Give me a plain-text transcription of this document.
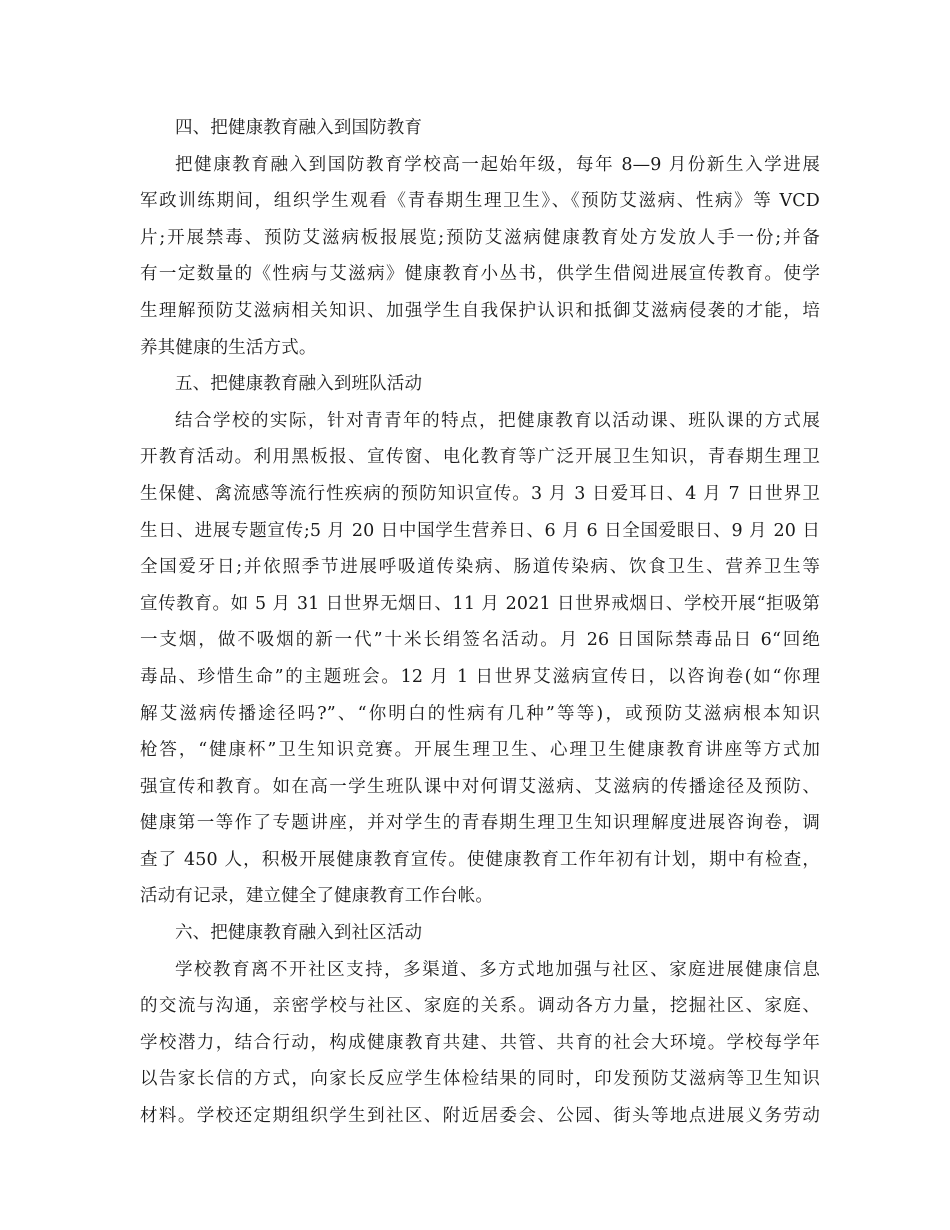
四、把健康教育融入到国防教育
把健康教育融入到国防教育学校高一起始年级，每年 8—9 月份新生入学进展
军政训练期间，组织学生观看《青春期生理卫生》、《预防艾滋病、性病》等 VCD
片;开展禁毒、预防艾滋病板报展览;预防艾滋病健康教育处方发放人手一份;并备
有一定数量的《性病与艾滋病》健康教育小丛书，供学生借阅进展宣传教育。使学
生理解预防艾滋病相关知识、加强学生自我保护认识和抵御艾滋病侵袭的才能，培
养其健康的生活方式。
五、把健康教育融入到班队活动
结合学校的实际，针对青青年的特点，把健康教育以活动课、班队课的方式展
开教育活动。利用黑板报、宣传窗、电化教育等广泛开展卫生知识，青春期生理卫
生保健、禽流感等流行性疾病的预防知识宣传。3 月 3 日爱耳日、4 月 7 日世界卫
生日、进展专题宣传;5 月 20 日中国学生营养日、6 月 6 日全国爱眼日、9 月 20 日
全国爱牙日;并依照季节进展呼吸道传染病、肠道传染病、饮食卫生、营养卫生等
宣传教育。如 5 月 31 日世界无烟日、11 月 2021 日世界戒烟日、学校开展“拒吸第
一支烟，做不吸烟的新一代”十米长绢签名活动。月 26 日国际禁毒品日 6“回绝
毒品、珍惜生命”的主题班会。12 月 1 日世界艾滋病宣传日，以咨询卷(如“你理
解艾滋病传播途径吗?”、“你明白的性病有几种”等等)，或预防艾滋病根本知识
枪答，“健康杯”卫生知识竞赛。开展生理卫生、心理卫生健康教育讲座等方式加
强宣传和教育。如在高一学生班队课中对何谓艾滋病、艾滋病的传播途径及预防、
健康第一等作了专题讲座，并对学生的青春期生理卫生知识理解度进展咨询卷，调
查了 450 人，积极开展健康教育宣传。使健康教育工作年初有计划，期中有检查，
活动有记录，建立健全了健康教育工作台帐。
六、把健康教育融入到社区活动
学校教育离不开社区支持，多渠道、多方式地加强与社区、家庭进展健康信息
的交流与沟通，亲密学校与社区、家庭的关系。调动各方力量，挖掘社区、家庭、
学校潜力，结合行动，构成健康教育共建、共管、共育的社会大环境。学校每学年
以告家长信的方式，向家长反应学生体检结果的同时，印发预防艾滋病等卫生知识
材料。学校还定期组织学生到社区、附近居委会、公园、街头等地点进展义务劳动
